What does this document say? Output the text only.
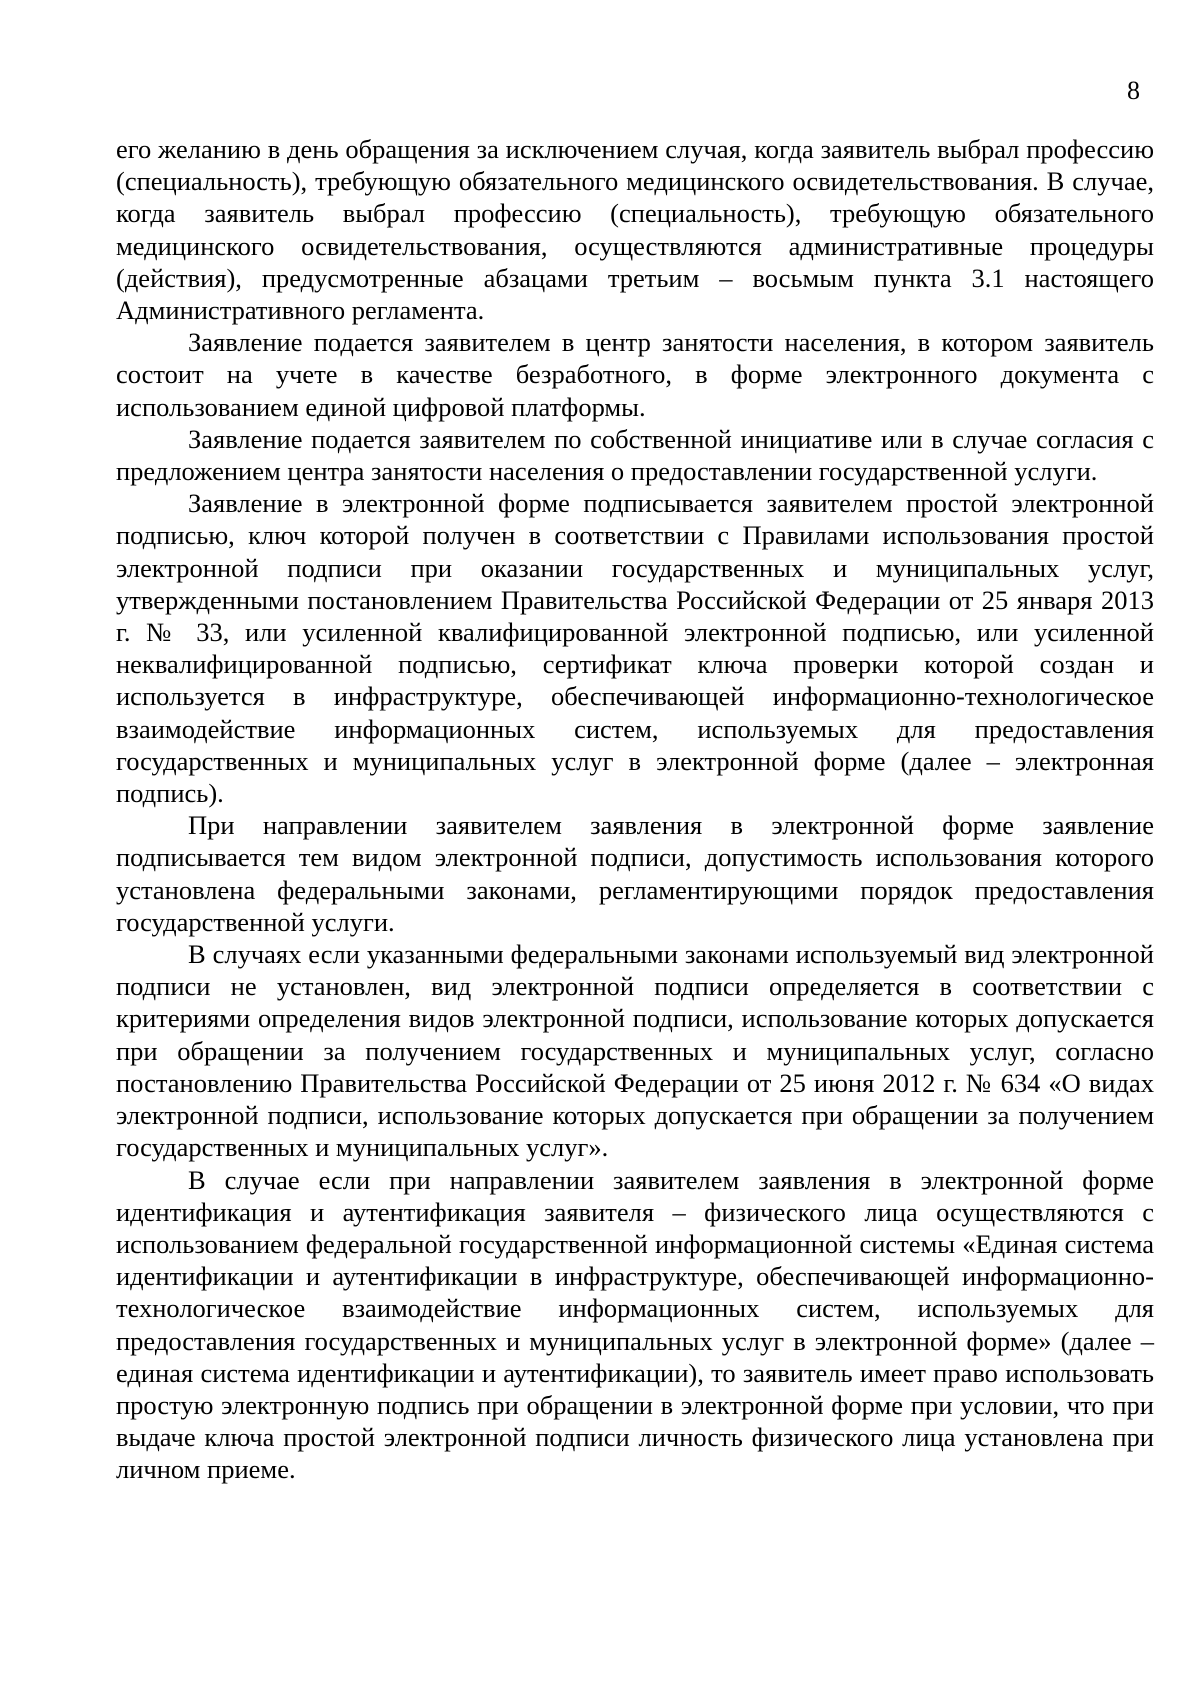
8

его желанию в день обращения за исключением случая, когда заявитель выбрал профессию (специальность), требующую обязательного медицинского освидетельствования. В случае, когда заявитель выбрал профессию (специальность), требующую обязательного медицинского освидетельствования, осуществляются административные процедуры (действия), предусмотренные абзацами третьим – восьмым пункта 3.1 настоящего Административного регламента.

Заявление подается заявителем в центр занятости населения, в котором заявитель состоит на учете в качестве безработного, в форме электронного документа с использованием единой цифровой платформы.

Заявление подается заявителем по собственной инициативе или в случае согласия с предложением центра занятости населения о предоставлении государственной услуги.

Заявление в электронной форме подписывается заявителем простой электронной подписью, ключ которой получен в соответствии с Правилами использования простой электронной подписи при оказании государственных и муниципальных услуг, утвержденными постановлением Правительства Российской Федерации от 25 января 2013 г. № 33, или усиленной квалифицированной электронной подписью, или усиленной неквалифицированной подписью, сертификат ключа проверки которой создан и используется в инфраструктуре, обеспечивающей информационно-технологическое взаимодействие информационных систем, используемых для предоставления государственных и муниципальных услуг в электронной форме (далее – электронная подпись).

При направлении заявителем заявления в электронной форме заявление подписывается тем видом электронной подписи, допустимость использования которого установлена федеральными законами, регламентирующими порядок предоставления государственной услуги.

В случаях если указанными федеральными законами используемый вид электронной подписи не установлен, вид электронной подписи определяется в соответствии с критериями определения видов электронной подписи, использование которых допускается при обращении за получением государственных и муниципальных услуг, согласно постановлению Правительства Российской Федерации от 25 июня 2012 г. № 634 «О видах электронной подписи, использование которых допускается при обращении за получением государственных и муниципальных услуг».

В случае если при направлении заявителем заявления в электронной форме идентификация и аутентификация заявителя – физического лица осуществляются с использованием федеральной государственной информационной системы «Единая система идентификации и аутентификации в инфраструктуре, обеспечивающей информационно- технологическое взаимодействие информационных систем, используемых для предоставления государственных и муниципальных услуг в электронной форме» (далее – единая система идентификации и аутентификации), то заявитель имеет право использовать простую электронную подпись при обращении в электронной форме при условии, что при выдаче ключа простой электронной подписи личность физического лица установлена при личном приеме.
